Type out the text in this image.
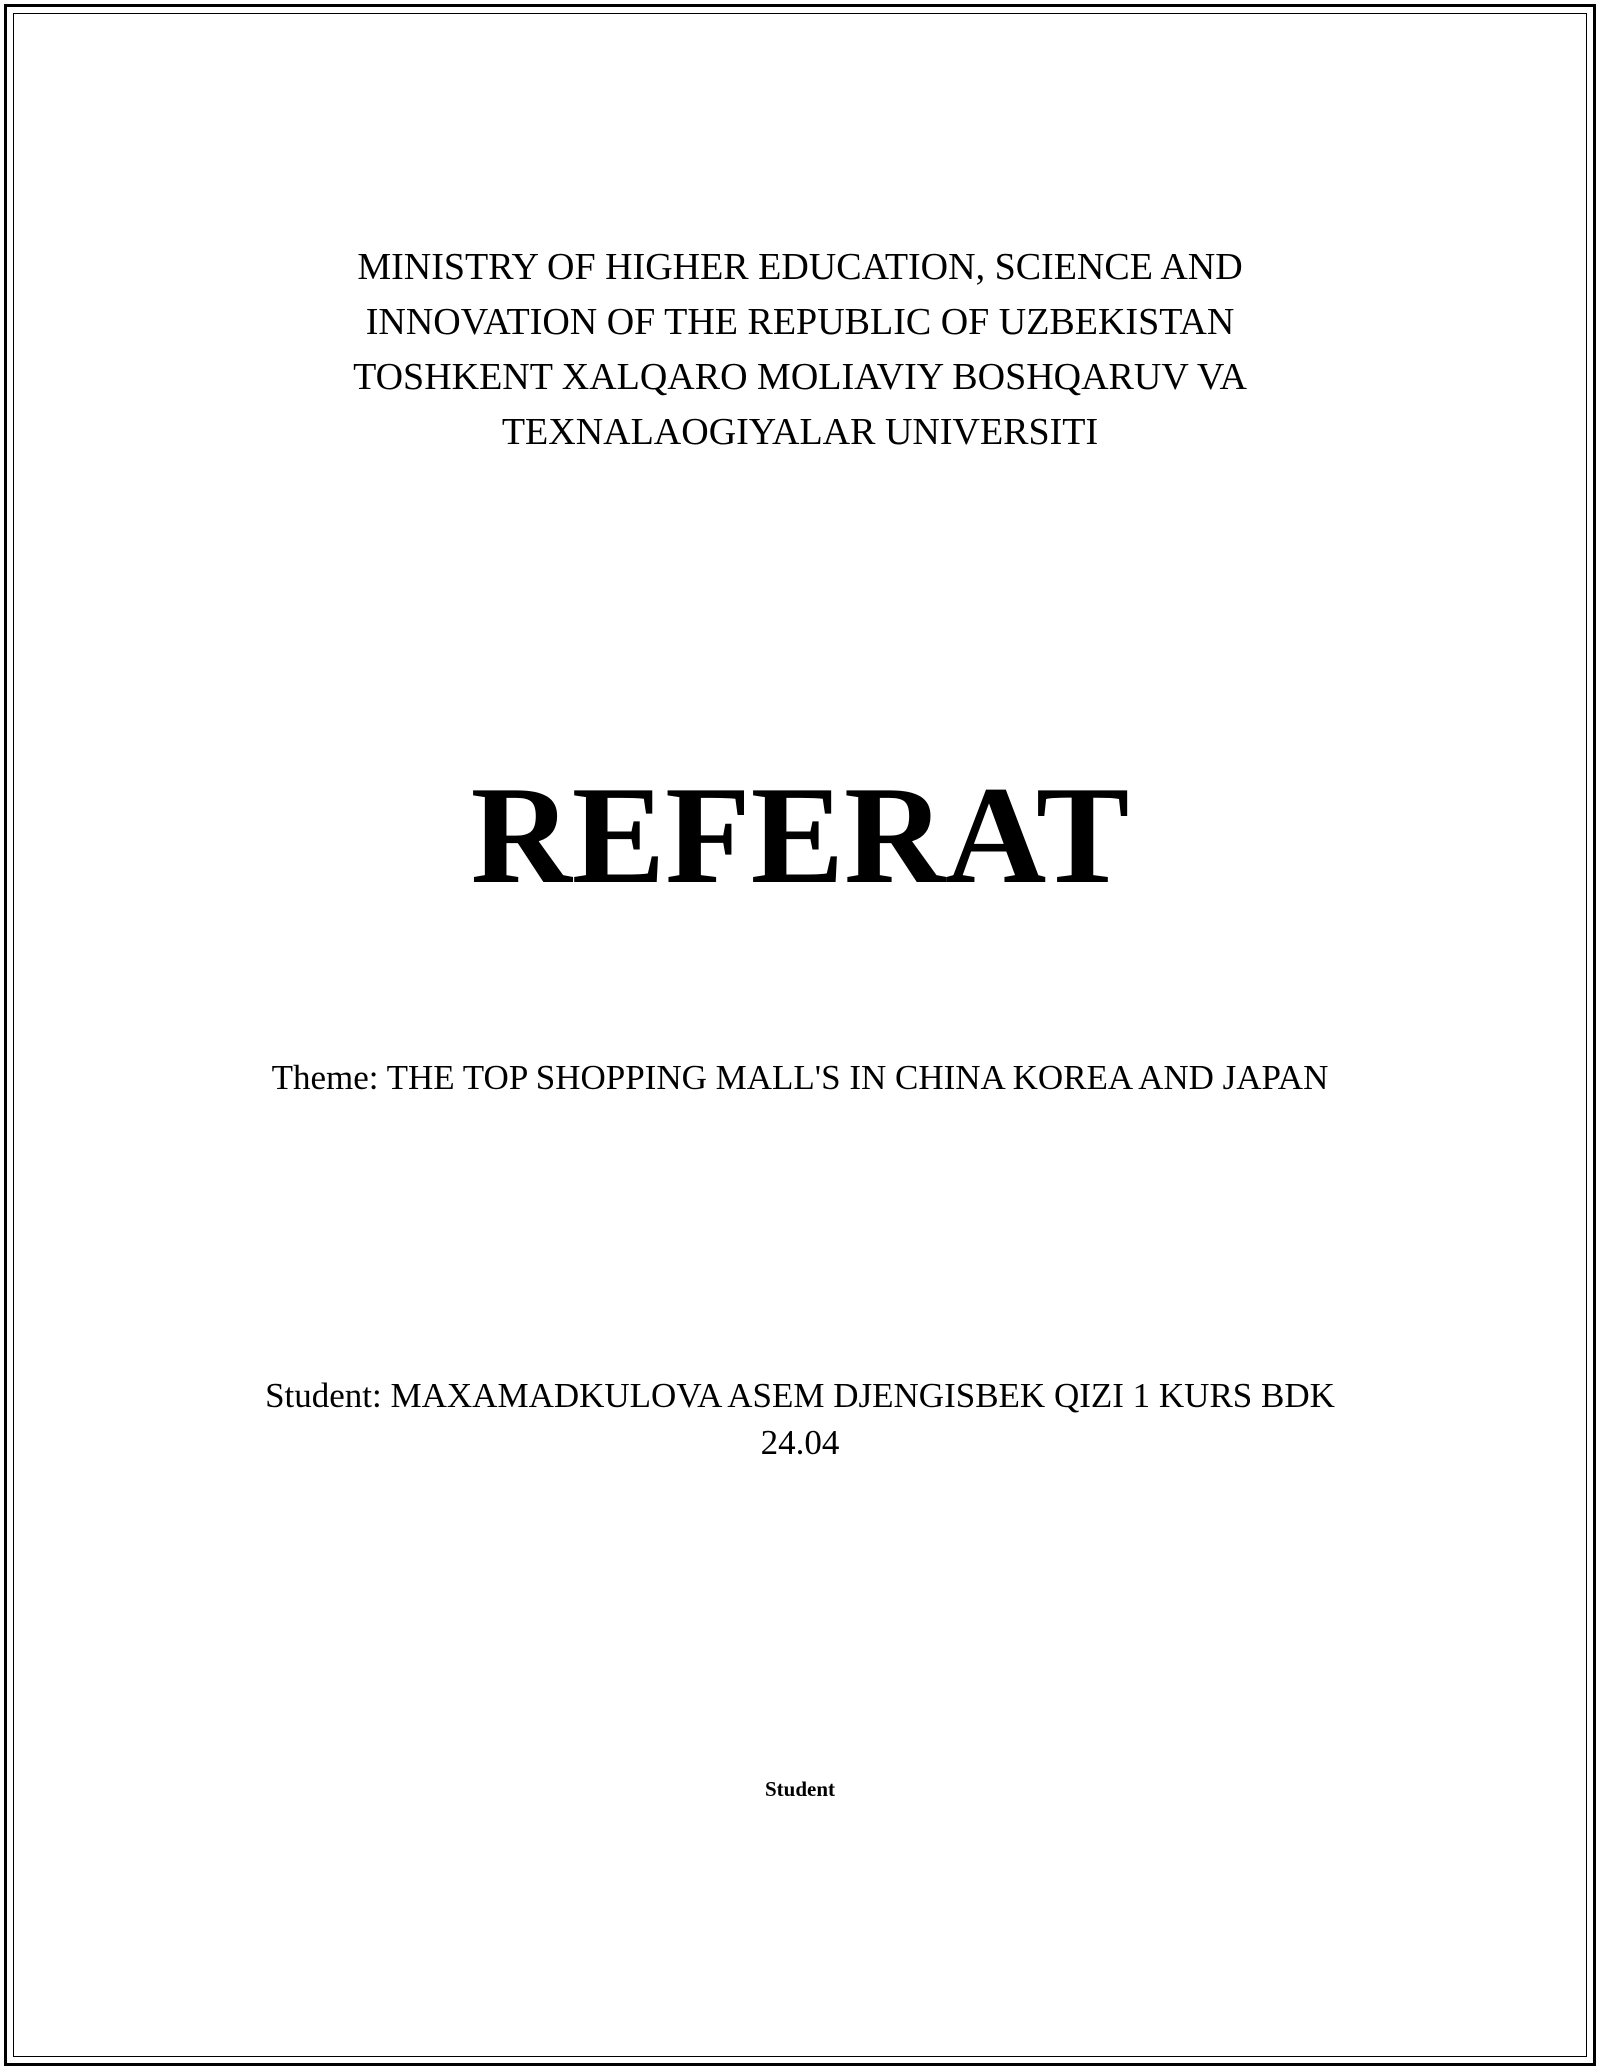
MINISTRY OF HIGHER EDUCATION, SCIENCE AND
INNOVATION OF THE REPUBLIC OF UZBEKISTAN
TOSHKENT XALQARO MOLIAVIY BOSHQARUV VA
TEXNALAOGIYALAR UNIVERSITI
REFERAT
Theme: THE TOP SHOPPING MALL'S IN CHINA KOREA AND JAPAN
Student: MAXAMADKULOVA ASEM DJENGISBEK QIZI 1 KURS BDK
24.04
Student
